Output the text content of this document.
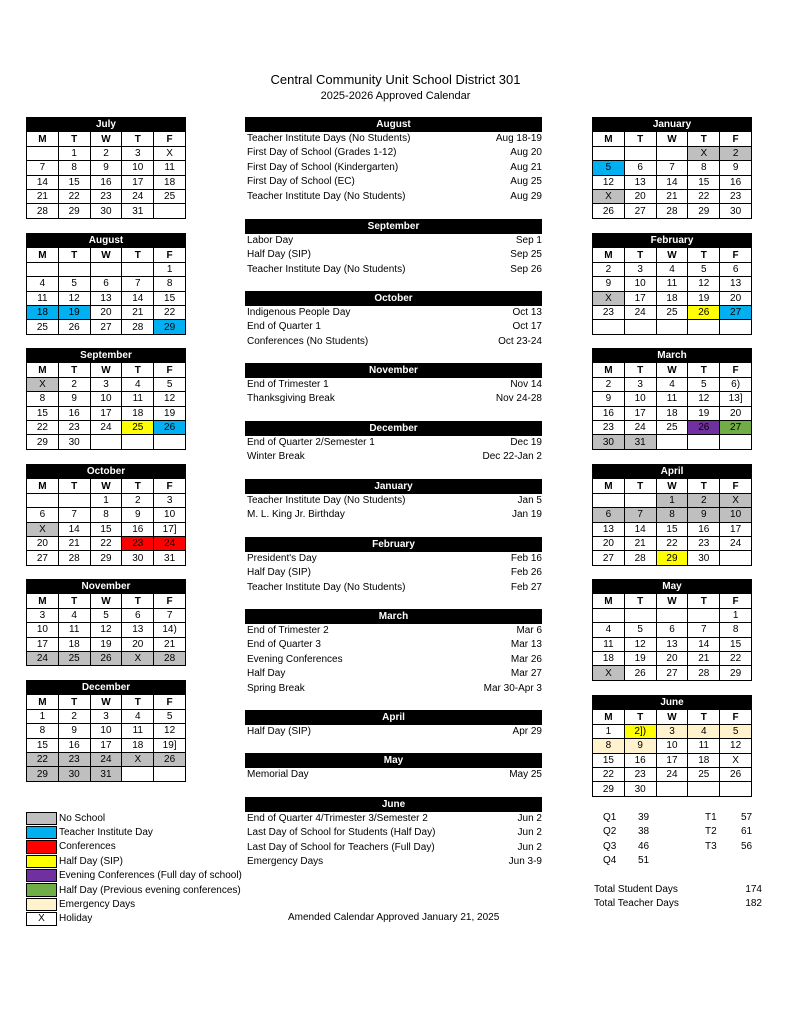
Central Community Unit School District 301
2025-2026 Approved Calendar
July				
M	T	W	T	F
	1	2	3	X
7	8	9	10	11
14	15	16	17	18
21	22	23	24	25
28	29	30	31	
August				
M	T	W	T	F
				1
4	5	6	7	8
11	12	13	14	15
18	19	20	21	22
25	26	27	28	29
September				
M	T	W	T	F
X	2	3	4	5
8	9	10	11	12
15	16	17	18	19
22	23	24	25	26
29	30			
October				
M	T	W	T	F
		1	2	3
6	7	8	9	10
X	14	15	16	17]
20	21	22	23	24
27	28	29	30	31
November				
M	T	W	T	F
3	4	5	6	7
10	11	12	13	14)
17	18	19	20	21
24	25	26	X	28
December				
M	T	W	T	F
1	2	3	4	5
8	9	10	11	12
15	16	17	18	19]
22	23	24	X	26
29	30	31		
January				
M	T	W	T	F
			X	2
5	6	7	8	9
12	13	14	15	16
X	20	21	22	23
26	27	28	29	30
February				
M	T	W	T	F
2	3	4	5	6
9	10	11	12	13
X	17	18	19	20
23	24	25	26	27

March				
M	T	W	T	F
2	3	4	5	6)
9	10	11	12	13]
16	17	18	19	20
23	24	25	26	27
30	31			
April				
M	T	W	T	F
		1	2	X
6	7	8	9	10
13	14	15	16	17
20	21	22	23	24
27	28	29	30	
May				
M	T	W	T	F
				1
4	5	6	7	8
11	12	13	14	15
18	19	20	21	22
X	26	27	28	29
June				
M	T	W	T	F
1	2])	3	4	5
8	9	10	11	12
15	16	17	18	X
22	23	24	25	26
29	30			
August
Teacher Institute Days (No Students)	Aug 18-19
First Day of School (Grades 1-12)	Aug 20
First Day of School (Kindergarten)	Aug 21
First Day of School (EC)	Aug 25
Teacher Institute Day (No Students)	Aug 29
September
Labor Day	Sep 1
Half Day (SIP)	Sep 25
Teacher Institute Day (No Students)	Sep 26
October
Indigenous People Day	Oct 13
End of Quarter 1	Oct 17
Conferences (No Students)	Oct 23-24
November
End of Trimester 1	Nov 14
Thanksgiving Break	Nov 24-28
December
End of Quarter 2/Semester 1	Dec 19
Winter Break	Dec 22-Jan 2
January
Teacher Institute Day (No Students)	Jan 5
M. L. King Jr. Birthday	Jan 19
February
President's Day	Feb 16
Half Day (SIP)	Feb 26
Teacher Institute Day (No Students)	Feb 27
March
End of Trimester 2	Mar 6
End of Quarter 3	Mar 13
Evening Conferences	Mar 26
Half Day	Mar 27
Spring Break	Mar 30-Apr 3
April
Half Day (SIP)	Apr 29
May
Memorial Day	May 25
June
End of Quarter 4/Trimester 3/Semester 2	Jun 2
Last Day of School for Students (Half Day)	Jun 2
Last Day of School for Teachers (Full Day)	Jun 2
Emergency Days	Jun 3-9
No School
Teacher Institute Day
Conferences
Half Day (SIP)
Evening Conferences (Full day of school)
Half Day (Previous evening conferences)
Emergency Days
X	Holiday
Q1 39
Q2 38
Q3 46
Q4 51
T1 57
T2 61
T3 56
Total Student Days	174
Total Teacher Days	182
Amended Calendar Approved January 21, 2025
